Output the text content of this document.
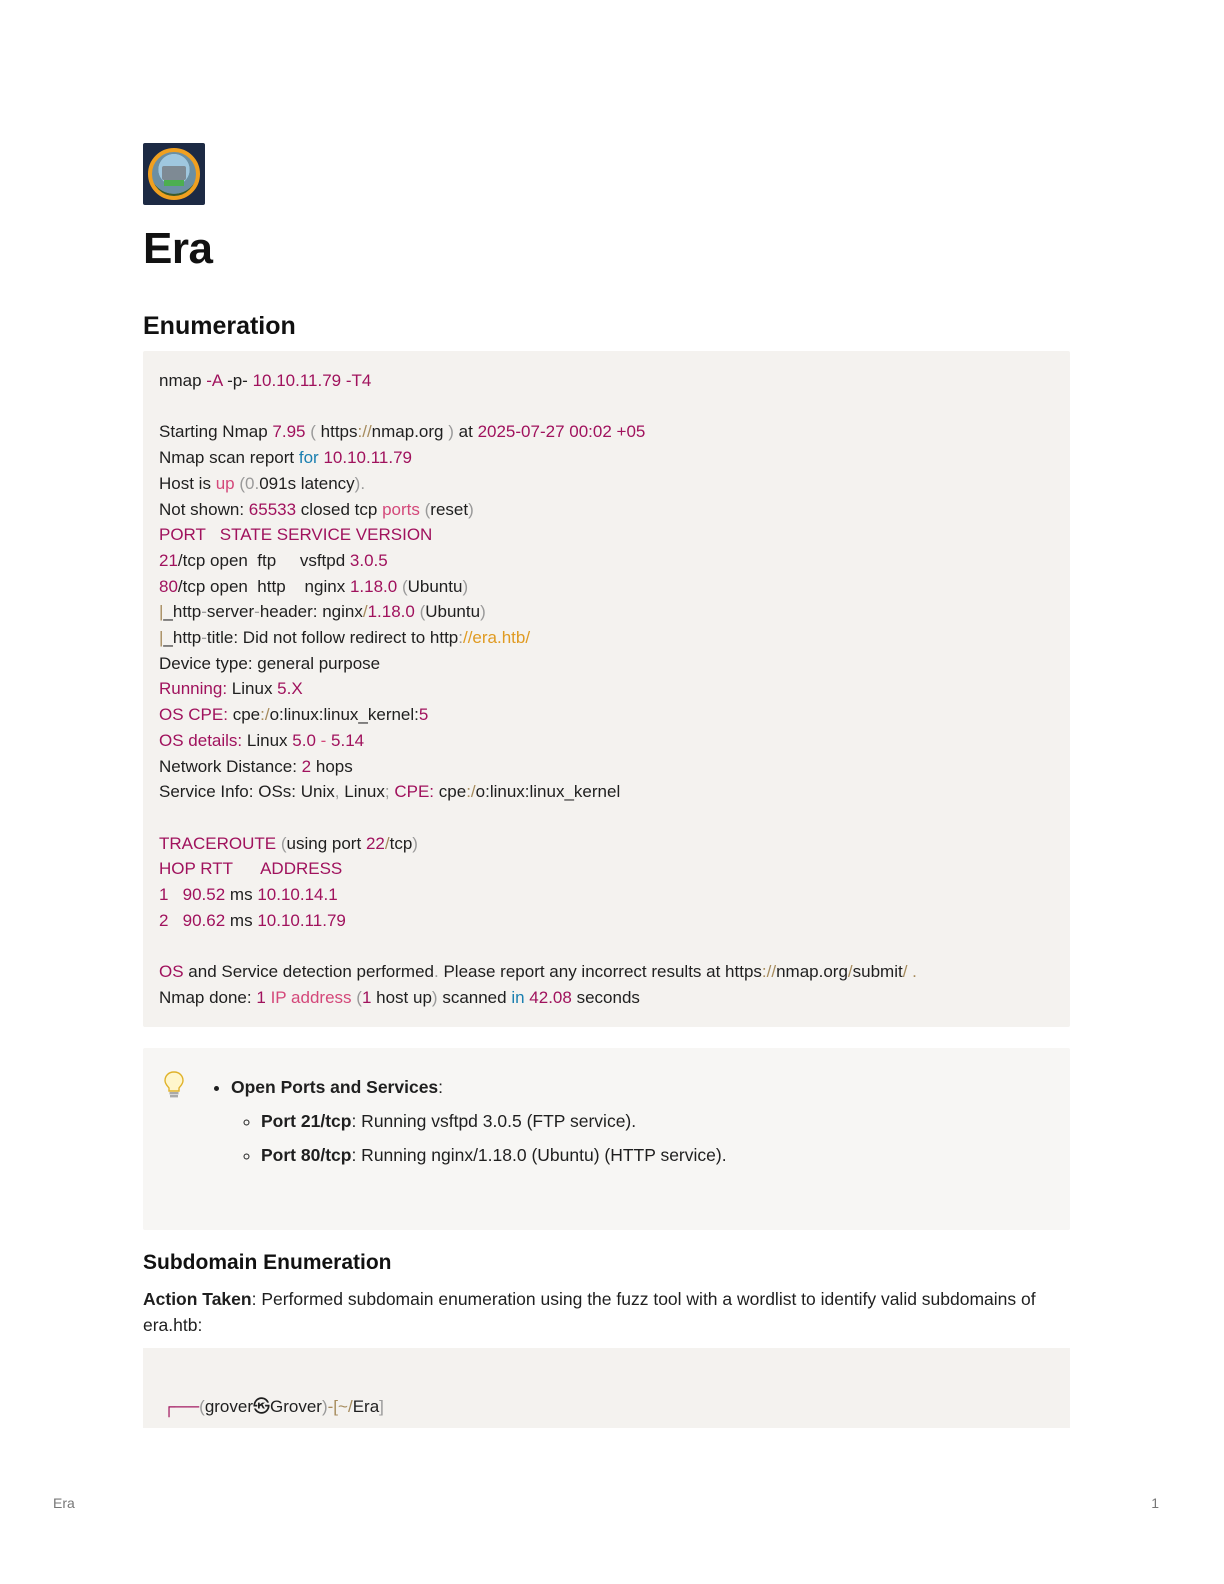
Era
Enumeration
nmap -A -p- 10.10.11.79 -T4

Starting Nmap 7.95 ( https://nmap.org ) at 2025-07-27 00:02 +05
Nmap scan report for 10.10.11.79
Host is up (0.091s latency).
Not shown: 65533 closed tcp ports (reset)
PORT   STATE SERVICE VERSION
21/tcp open  ftp     vsftpd 3.0.5
80/tcp open  http    nginx 1.18.0 (Ubuntu)
|_http-server-header: nginx/1.18.0 (Ubuntu)
|_http-title: Did not follow redirect to http://era.htb/
Device type: general purpose
Running: Linux 5.X
OS CPE: cpe:/o:linux:linux_kernel:5
OS details: Linux 5.0 - 5.14
Network Distance: 2 hops
Service Info: OSs: Unix, Linux; CPE: cpe:/o:linux:linux_kernel

TRACEROUTE (using port 22/tcp)
HOP RTT      ADDRESS
1 90.52 ms 10.10.14.1
2 90.62 ms 10.10.11.79

OS and Service detection performed. Please report any incorrect results at https://nmap.org/submit/ .
Nmap done: 1 IP address (1 host up) scanned in 42.08 seconds
• Open Ports and Services:
◦ Port 21/tcp: Running vsftpd 3.0.5 (FTP service).
◦ Port 80/tcp: Running nginx/1.18.0 (Ubuntu) (HTTP service).
Subdomain Enumeration

Action Taken: Performed subdomain enumeration using the fuzz tool with a wordlist to identify valid subdomains of era.htb:

┌──(grover㉿Grover)-[~/Era]
Era	1
